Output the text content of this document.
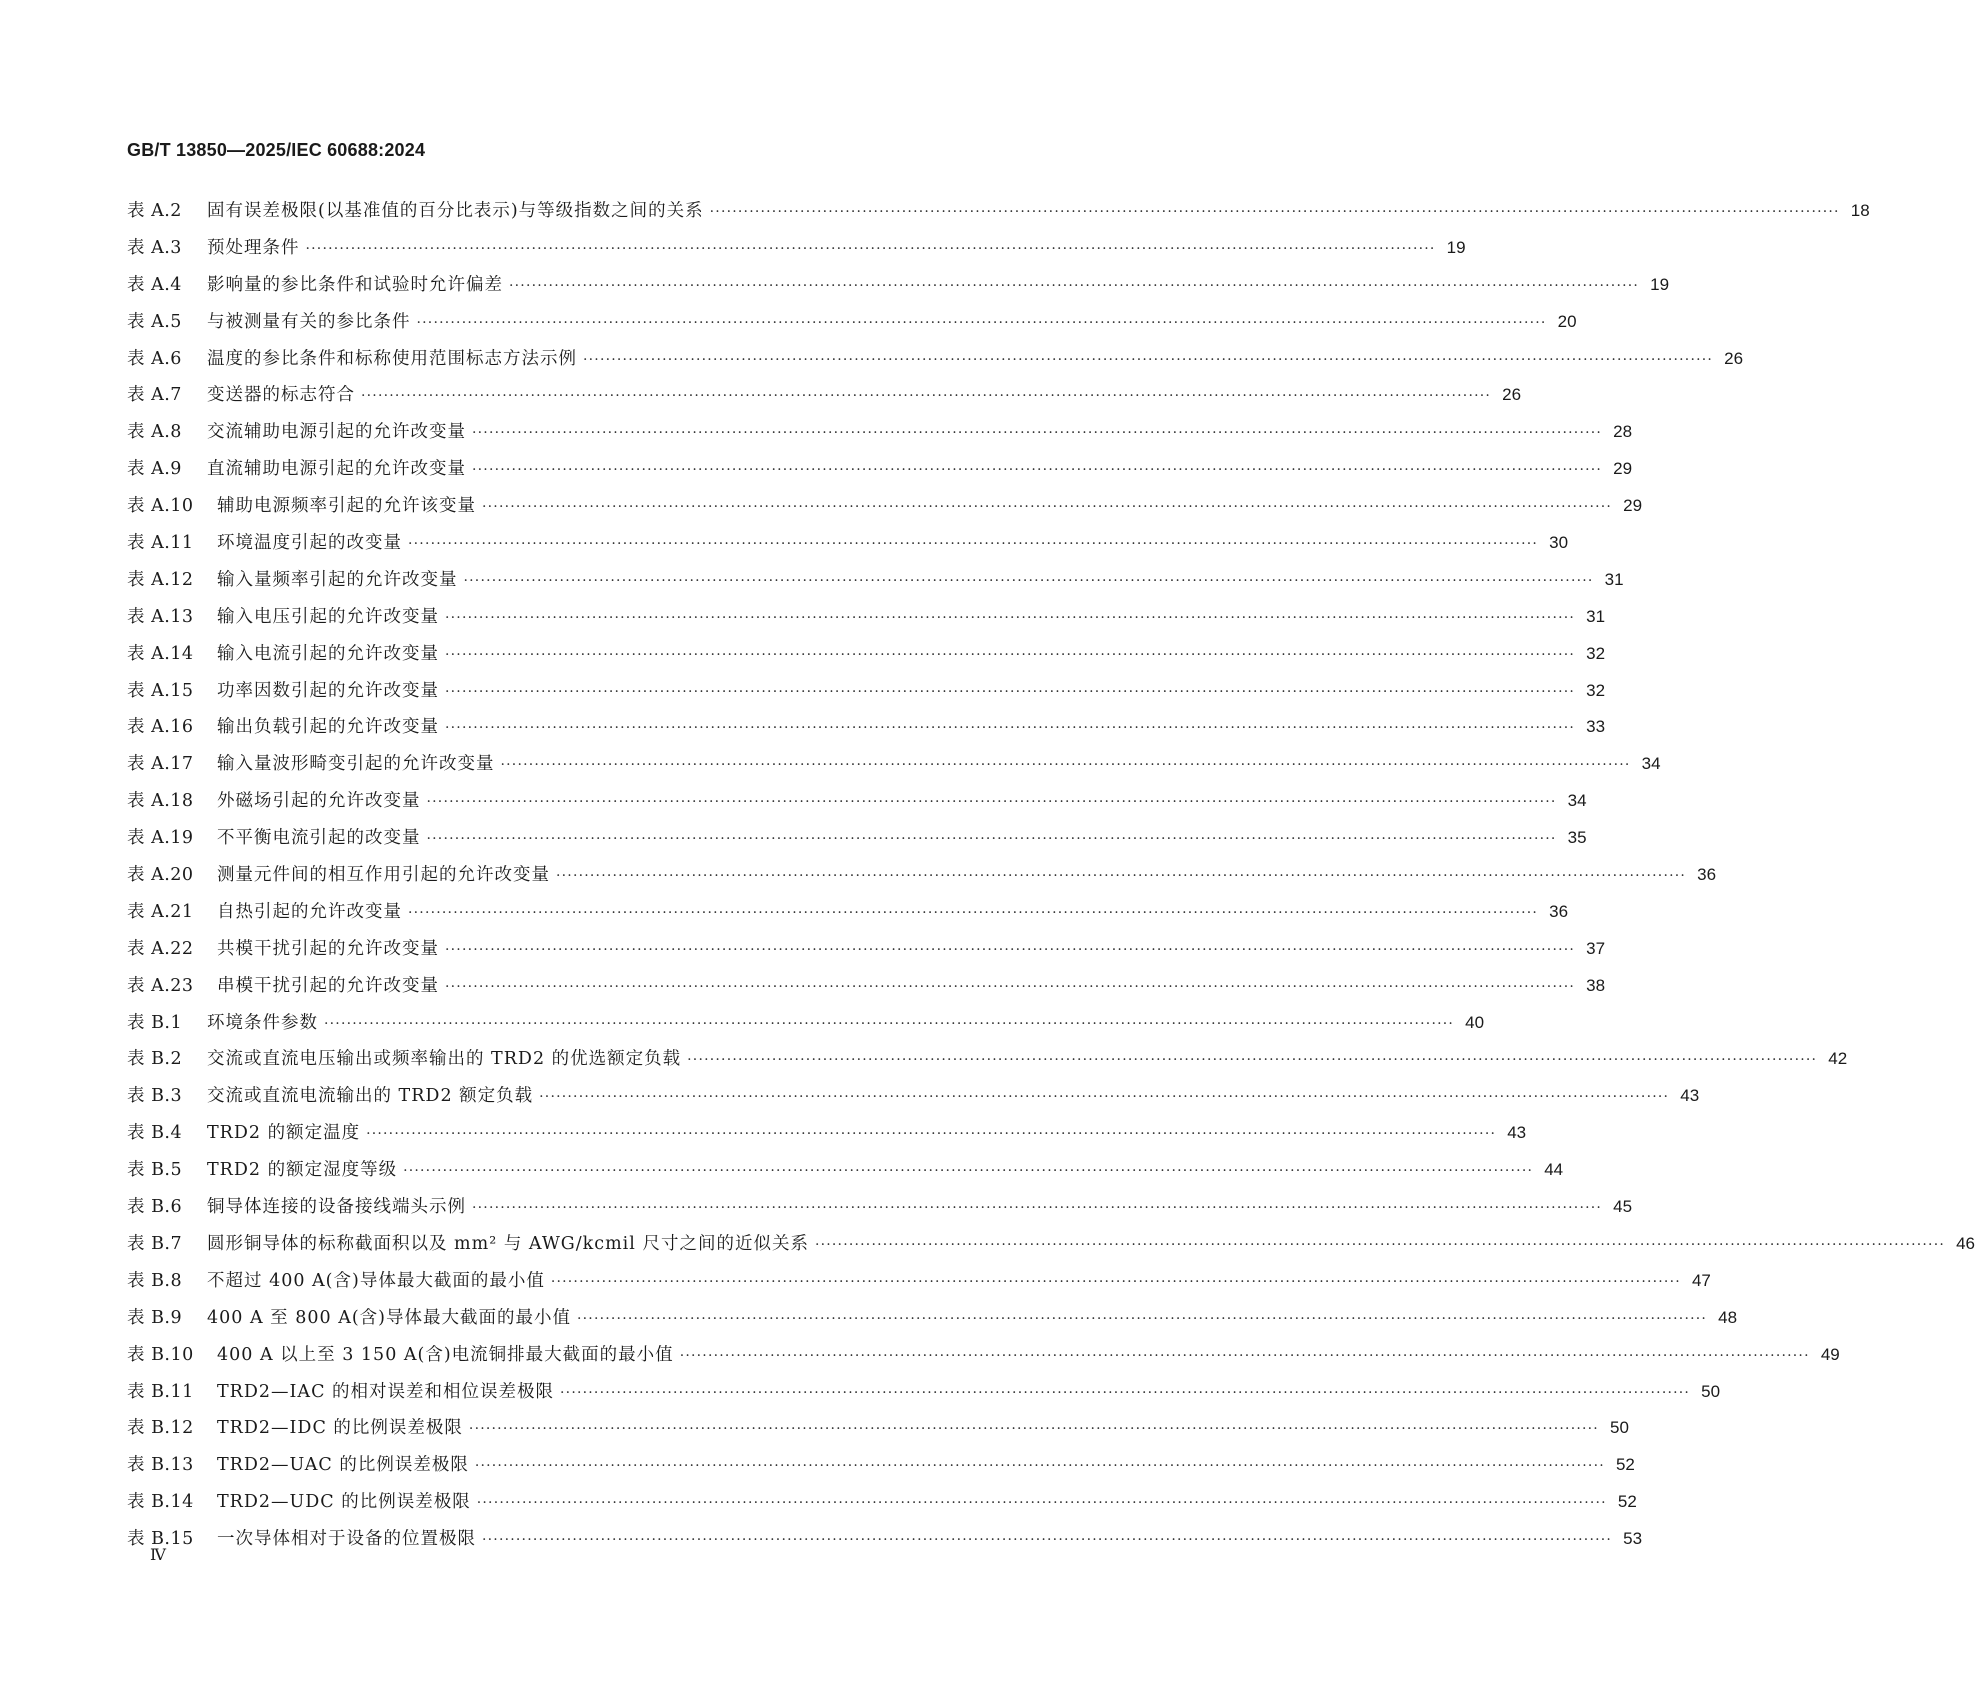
GB/T 13850—2025/IEC 60688:2024
表 A.2	固有误差极限(以基准值的百分比表示)与等级指数之间的关系 ········································································································································································································ 18
表 A.3	预处理条件 ········································································································································································································ 19
表 A.4	影响量的参比条件和试验时允许偏差 ········································································································································································································ 19
表 A.5	与被测量有关的参比条件 ········································································································································································································ 20
表 A.6	温度的参比条件和标称使用范围标志方法示例 ········································································································································································································ 26
表 A.7	变送器的标志符合 ········································································································································································································ 26
表 A.8	交流辅助电源引起的允许改变量 ········································································································································································································ 28
表 A.9	直流辅助电源引起的允许改变量 ········································································································································································································ 29
表 A.10	辅助电源频率引起的允许该变量 ········································································································································································································ 29
表 A.11	环境温度引起的改变量 ········································································································································································································ 30
表 A.12	输入量频率引起的允许改变量 ········································································································································································································ 31
表 A.13	输入电压引起的允许改变量 ········································································································································································································ 31
表 A.14	输入电流引起的允许改变量 ········································································································································································································ 32
表 A.15	功率因数引起的允许改变量 ········································································································································································································ 32
表 A.16	输出负载引起的允许改变量 ········································································································································································································ 33
表 A.17	输入量波形畸变引起的允许改变量 ········································································································································································································ 34
表 A.18	外磁场引起的允许改变量 ········································································································································································································ 34
表 A.19	不平衡电流引起的改变量 ········································································································································································································ 35
表 A.20	测量元件间的相互作用引起的允许改变量 ········································································································································································································ 36
表 A.21	自热引起的允许改变量 ········································································································································································································ 36
表 A.22	共模干扰引起的允许改变量 ········································································································································································································ 37
表 A.23	串模干扰引起的允许改变量 ········································································································································································································ 38
表 B.1	环境条件参数 ········································································································································································································ 40
表 B.2	交流或直流电压输出或频率输出的 TRD2 的优选额定负载 ········································································································································································································ 42
表 B.3	交流或直流电流输出的 TRD2 额定负载 ········································································································································································································ 43
表 B.4	TRD2 的额定温度 ········································································································································································································ 43
表 B.5	TRD2 的额定湿度等级 ········································································································································································································ 44
表 B.6	铜导体连接的设备接线端头示例 ········································································································································································································ 45
表 B.7	圆形铜导体的标称截面积以及 mm² 与 AWG/kcmil 尺寸之间的近似关系 ········································································································································································································ 46
表 B.8	不超过 400 A(含)导体最大截面的最小值 ········································································································································································································ 47
表 B.9	400 A 至 800 A(含)导体最大截面的最小值 ········································································································································································································ 48
表 B.10	400 A 以上至 3 150 A(含)电流铜排最大截面的最小值 ········································································································································································································ 49
表 B.11	TRD2—IAC 的相对误差和相位误差极限 ········································································································································································································ 50
表 B.12	TRD2—IDC 的比例误差极限 ········································································································································································································ 50
表 B.13	TRD2—UAC 的比例误差极限 ········································································································································································································ 52
表 B.14	TRD2—UDC 的比例误差极限 ········································································································································································································ 52
表 B.15	一次导体相对于设备的位置极限 ········································································································································································································ 53
Ⅳ
